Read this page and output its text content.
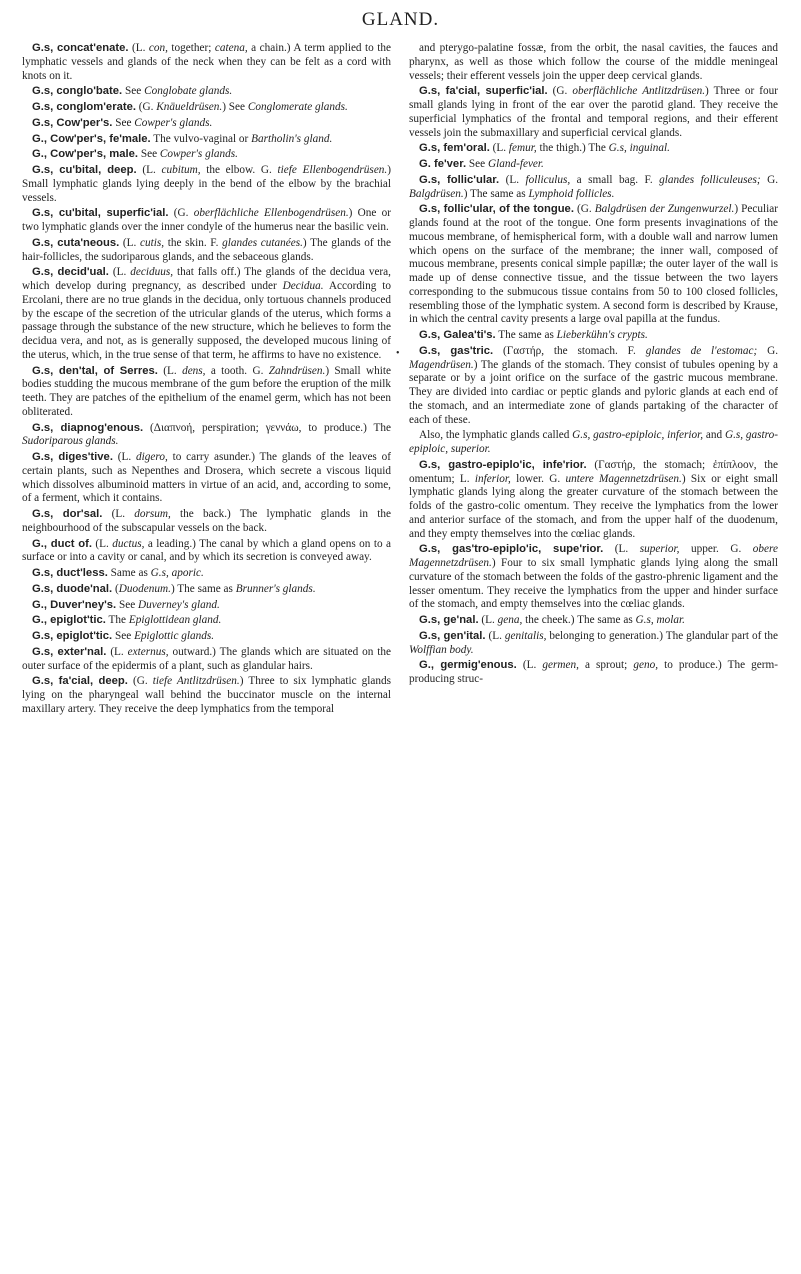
GLAND.
•

G.s, concat'enate. (L. con, together; catena, a chain.) A term applied to the lymphatic vessels and glands of the neck when they can be felt as a cord with knots on it.

G.s, conglo'bate. See Conglobate glands.

G.s, conglom'erate. (G. Knäueldrüsen.) See Conglomerate glands.

G.s, Cow'per's. See Cowper's glands.

G., Cow'per's, fe'male. The vulvo-vaginal or Bartholin's gland.

G., Cow'per's, male. See Cowper's glands.

G.s, cu'bital, deep. (L. cubitum, the elbow. G. tiefe Ellenbogendrüsen.) Small lymphatic glands lying deeply in the bend of the elbow by the brachial vessels.

G.s, cu'bital, superfic'ial. (G. oberflächliche Ellenbogendrüsen.) One or two lymphatic glands over the inner condyle of the humerus near the basilic vein.

G.s, cuta'neous. (L. cutis, the skin. F. glandes cutanées.) The glands of the hair-follicles, the sudoriparous glands, and the sebaceous glands.

G.s, decid'ual. (L. deciduus, that falls off.) The glands of the decidua vera, which develop during pregnancy, as described under Decidua. According to Ercolani, there are no true glands in the decidua, only tortuous channels produced by the escape of the secretion of the utricular glands of the uterus, which forms a passage through the substance of the new structure, which he believes to form the decidua vera, and not, as is generally supposed, the developed mucous lining of the uterus, which, in the true sense of that term, he affirms to have no existence.

G.s, den'tal, of Serres. (L. dens, a tooth. G. Zahndrüsen.) Small white bodies studding the mucous membrane of the gum before the eruption of the milk teeth. They are patches of the epithelium of the enamel germ, which has not been obliterated.

G.s, diapnog'enous. (Διαπνοή, perspiration; γεννάω, to produce.) The Sudoriparous glands.

G.s, diges'tive. (L. digero, to carry asunder.) The glands of the leaves of certain plants, such as Nepenthes and Drosera, which secrete a viscous liquid which dissolves albuminoid matters in virtue of an acid, and, according to some, of a ferment, which it contains.

G.s, dor'sal. (L. dorsum, the back.) The lymphatic glands in the neighbourhood of the subscapular vessels on the back.

G., duct of. (L. ductus, a leading.) The canal by which a gland opens on to a surface or into a cavity or canal, and by which its secretion is conveyed away.

G.s, duct'less. Same as G.s, aporic.

G.s, duode'nal. (Duodenum.) The same as Brunner's glands.

G., Duver'ney's. See Duverney's gland.

G., epiglot'tic. The Epiglottidean gland.

G.s, epiglot'tic. See Epiglottic glands.

G.s, exter'nal. (L. externus, outward.) The glands which are situated on the outer surface of the epidermis of a plant, such as glandular hairs.

G.s, fa'cial, deep. (G. tiefe Antlitzdrüsen.) Three to six lymphatic glands lying on the pharyngeal wall behind the buccinator muscle on the internal maxillary artery. They receive the deep lymphatics from the temporal

and pterygo-palatine fossæ, from the orbit, the nasal cavities, the fauces and pharynx, as well as those which follow the course of the middle meningeal vessels; their efferent vessels join the upper deep cervical glands.

G.s, fa'cial, superfic'ial. (G. oberflächliche Antlitzdrüsen.) Three or four small glands lying in front of the ear over the parotid gland. They receive the superficial lymphatics of the frontal and temporal regions, and their efferent vessels join the submaxillary and superficial cervical glands.

G.s, fem'oral. (L. femur, the thigh.) The G.s, inguinal.

G. fe'ver. See Gland-fever.

G.s, follic'ular. (L. folliculus, a small bag. F. glandes folliculeuses; G. Balgdrüsen.) The same as Lymphoid follicles.

G.s, follic'ular, of the tongue. (G. Balgdrüsen der Zungenwurzel.) Peculiar glands found at the root of the tongue. One form presents invaginations of the mucous membrane, of hemispherical form, with a double wall and narrow lumen which opens on the surface of the membrane; the inner wall, composed of mucous membrane, presents conical simple papillæ; the outer layer of the wall is made up of dense connective tissue, and the tissue between the two layers corresponding to the submucous tissue contains from 50 to 100 closed follicles, resembling those of the lymphatic system. A second form is described by Krause, in which the central cavity presents a large oval papilla at the fundus.

G.s, Galea'ti's. The same as Lieberkühn's crypts.

G.s, gas'tric. (Γαστήρ, the stomach. F. glandes de l'estomac; G. Magendrüsen.) The glands of the stomach. They consist of tubules opening by a separate or by a joint orifice on the surface of the gastric mucous membrane. They are divided into cardiac or peptic glands and pyloric glands at each end of the stomach, and an intermediate zone of glands partaking of the character of each of these.

Also, the lymphatic glands called G.s, gastro-epiploic, inferior, and G.s, gastro-epiploic, superior.

G.s, gastro-epiplo'ic, infe'rior. (Γαστήρ, the stomach; ἐπίπλοον, the omentum; L. inferior, lower. G. untere Magennetzdrüsen.) Six or eight small lymphatic glands lying along the greater curvature of the stomach between the folds of the gastro-colic omentum. They receive the lymphatics from the lower and anterior surface of the stomach, and from the upper half of the duodenum, and they empty themselves into the cœliac glands.

G.s, gas'tro-epiplo'ic, supe'rior. (L. superior, upper. G. obere Magennetzdrüsen.) Four to six small lymphatic glands lying along the small curvature of the stomach between the folds of the gastro-phrenic ligament and the lesser omentum. They receive the lymphatics from the upper and hinder surface of the stomach, and empty themselves into the cœliac glands.

G.s, ge'nal. (L. gena, the cheek.) The same as G.s, molar.

G.s, gen'ital. (L. genitalis, belonging to generation.) The glandular part of the Wolffian body.

G., germig'enous. (L. germen, a sprout; geno, to produce.) The germ-producing struc-
